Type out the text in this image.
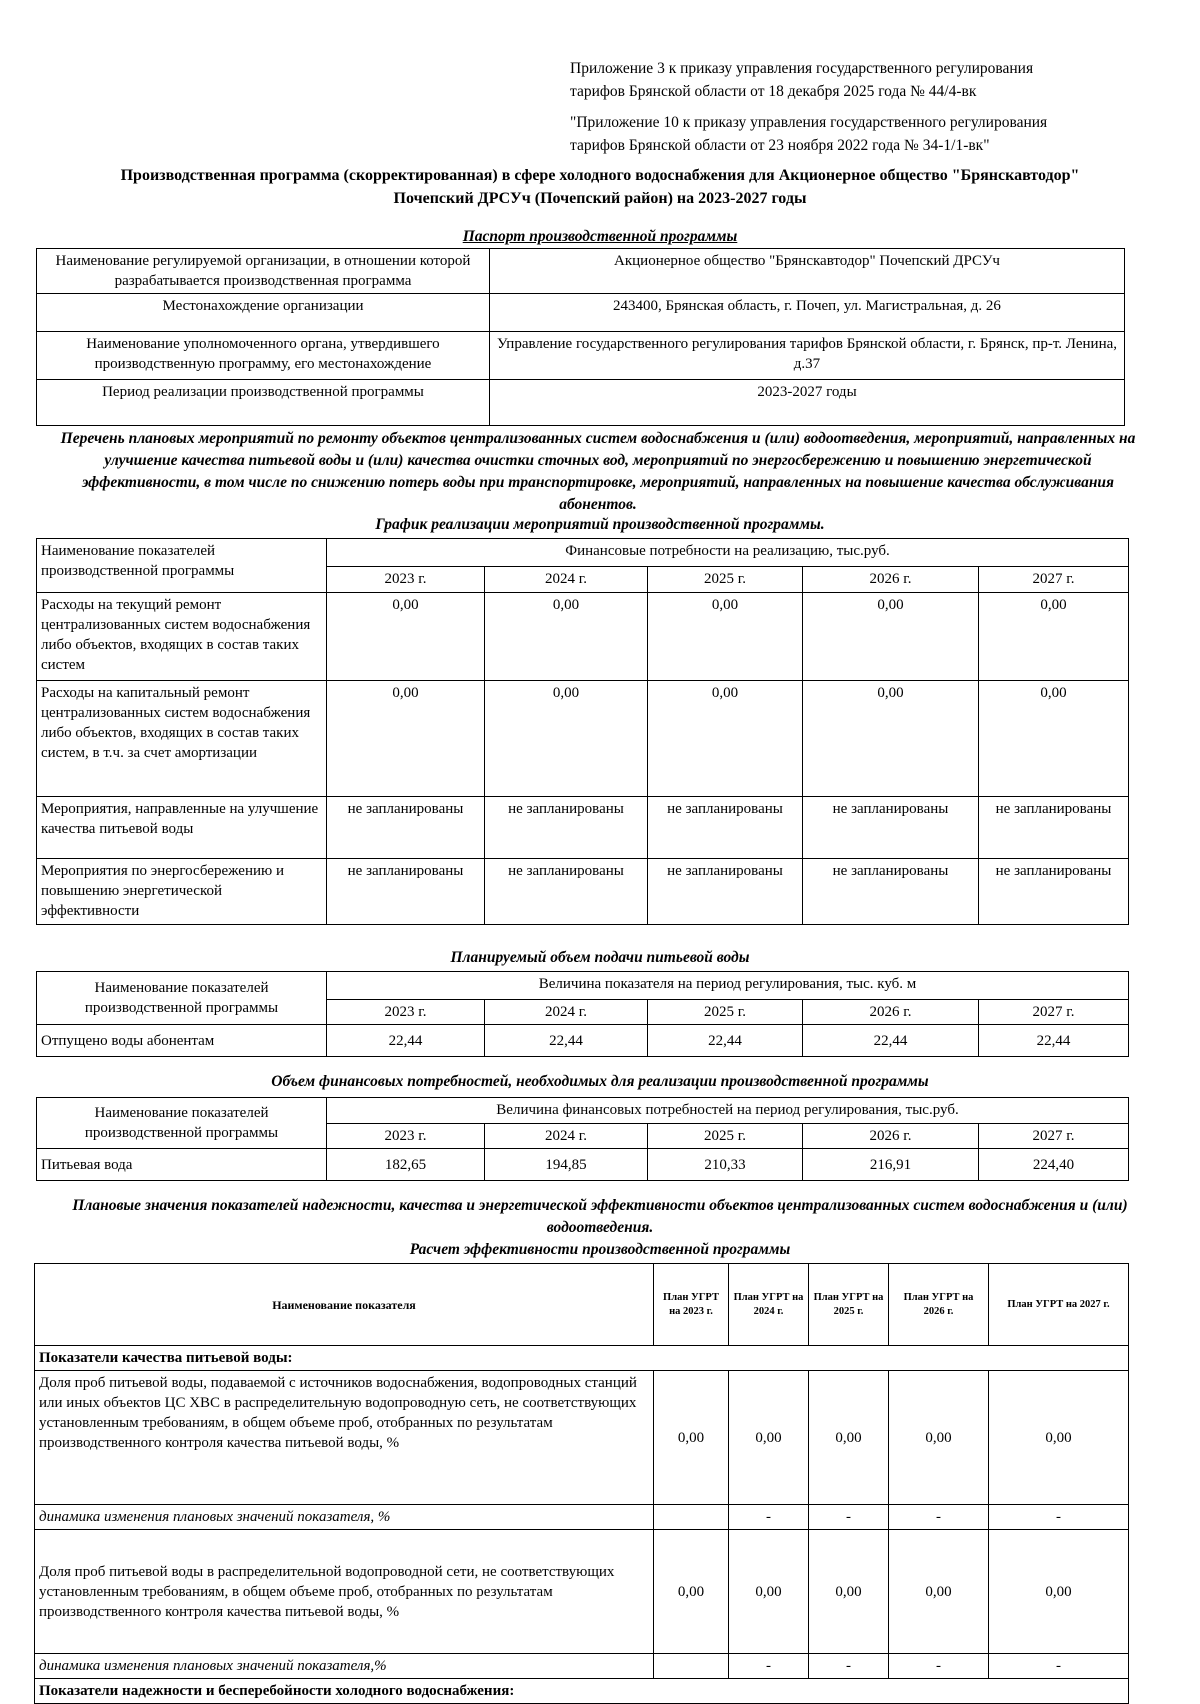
Приложение 3 к приказу управления государственного регулирования
тарифов Брянской области от 18 декабря 2025 года № 44/4-вк
"Приложение 10 к приказу управления государственного регулирования
тарифов Брянской области от 23 ноября 2022 года № 34-1/1-вк"
Производственная программа (скорректированная) в сфере холодного водоснабжения для Акционерное общество "Брянскавтодор"
Почепский ДРСУч (Почепский район) на 2023-2027 годы
Паспорт производственной программы
Наименование регулируемой организации, в отношении которой разрабатывается производственная программа	Акционерное общество "Брянскавтодор" Почепский ДРСУч
Местонахождение организации	243400, Брянская область, г. Почеп, ул. Магистральная, д. 26
Наименование уполномоченного органа, утвердившего производственную программу, его местонахождение	Управление государственного регулирования тарифов Брянской области, г. Брянск, пр-т. Ленина, д.37
Период реализации производственной программы	2023-2027 годы
Перечень плановых мероприятий по ремонту объектов централизованных систем водоснабжения и (или) водоотведения, мероприятий, направленных на улучшение качества питьевой воды и (или) качества очистки сточных вод, мероприятий по энергосбережению и повышению энергетической эффективности, в том числе по снижению потерь воды при транспортировке, мероприятий, направленных на повышение качества обслуживания абонентов.
График реализации мероприятий производственной программы.
Наименование показателей производственной программы	Финансовые потребности на реализацию, тыс.руб.				
	2023 г.	2024 г.	2025 г.	2026 г.	2027 г.
Расходы на текущий ремонт централизованных систем водоснабжения либо объектов, входящих в состав таких систем	0,00	0,00	0,00	0,00	0,00
Расходы на капитальный ремонт централизованных систем водоснабжения либо объектов, входящих в состав таких систем, в т.ч. за счет амортизации	0,00	0,00	0,00	0,00	0,00
Мероприятия, направленные на улучшение качества питьевой воды	не запланированы	не запланированы	не запланированы	не запланированы	не запланированы
Мероприятия по энергосбережению и повышению энергетической эффективности	не запланированы	не запланированы	не запланированы	не запланированы	не запланированы
Планируемый объем подачи питьевой воды
Наименование показателей производственной программы	Величина показателя на период регулирования, тыс. куб. м				
	2023 г.	2024 г.	2025 г.	2026 г.	2027 г.
Отпущено воды абонентам	22,44	22,44	22,44	22,44	22,44
Объем финансовых потребностей, необходимых для реализации производственной программы
Наименование показателей производственной программы	Величина финансовых потребностей на период регулирования, тыс.руб.				
	2023 г.	2024 г.	2025 г.	2026 г.	2027 г.
Питьевая вода	182,65	194,85	210,33	216,91	224,40
Плановые значения показателей надежности, качества и энергетической эффективности объектов централизованных систем водоснабжения и (или) водоотведения.
Расчет эффективности производственной программы
Наименование показателя	План УГРТ на 2023 г.	План УГРТ на 2024 г.	План УГРТ на 2025 г.	План УГРТ на 2026 г.	План УГРТ на 2027 г.
Показатели качества питьевой воды:					
Доля проб питьевой воды, подаваемой с источников водоснабжения, водопроводных станций или иных объектов ЦС ХВС в распределительную водопроводную сеть, не соответствующих установленным требованиям, в общем объеме проб, отобранных по результатам производственного контроля качества питьевой воды, %	0,00	0,00	0,00	0,00	0,00
динамика изменения плановых значений показателя, %		-	-	-	-
Доля проб питьевой воды в распределительной водопроводной сети, не соответствующих установленным требованиям, в общем объеме проб, отобранных по результатам производственного контроля качества питьевой воды, %	0,00	0,00	0,00	0,00	0,00
динамика изменения плановых значений показателя,%		-	-	-	-
Показатели надежности и бесперебойности холодного водоснабжения:					
